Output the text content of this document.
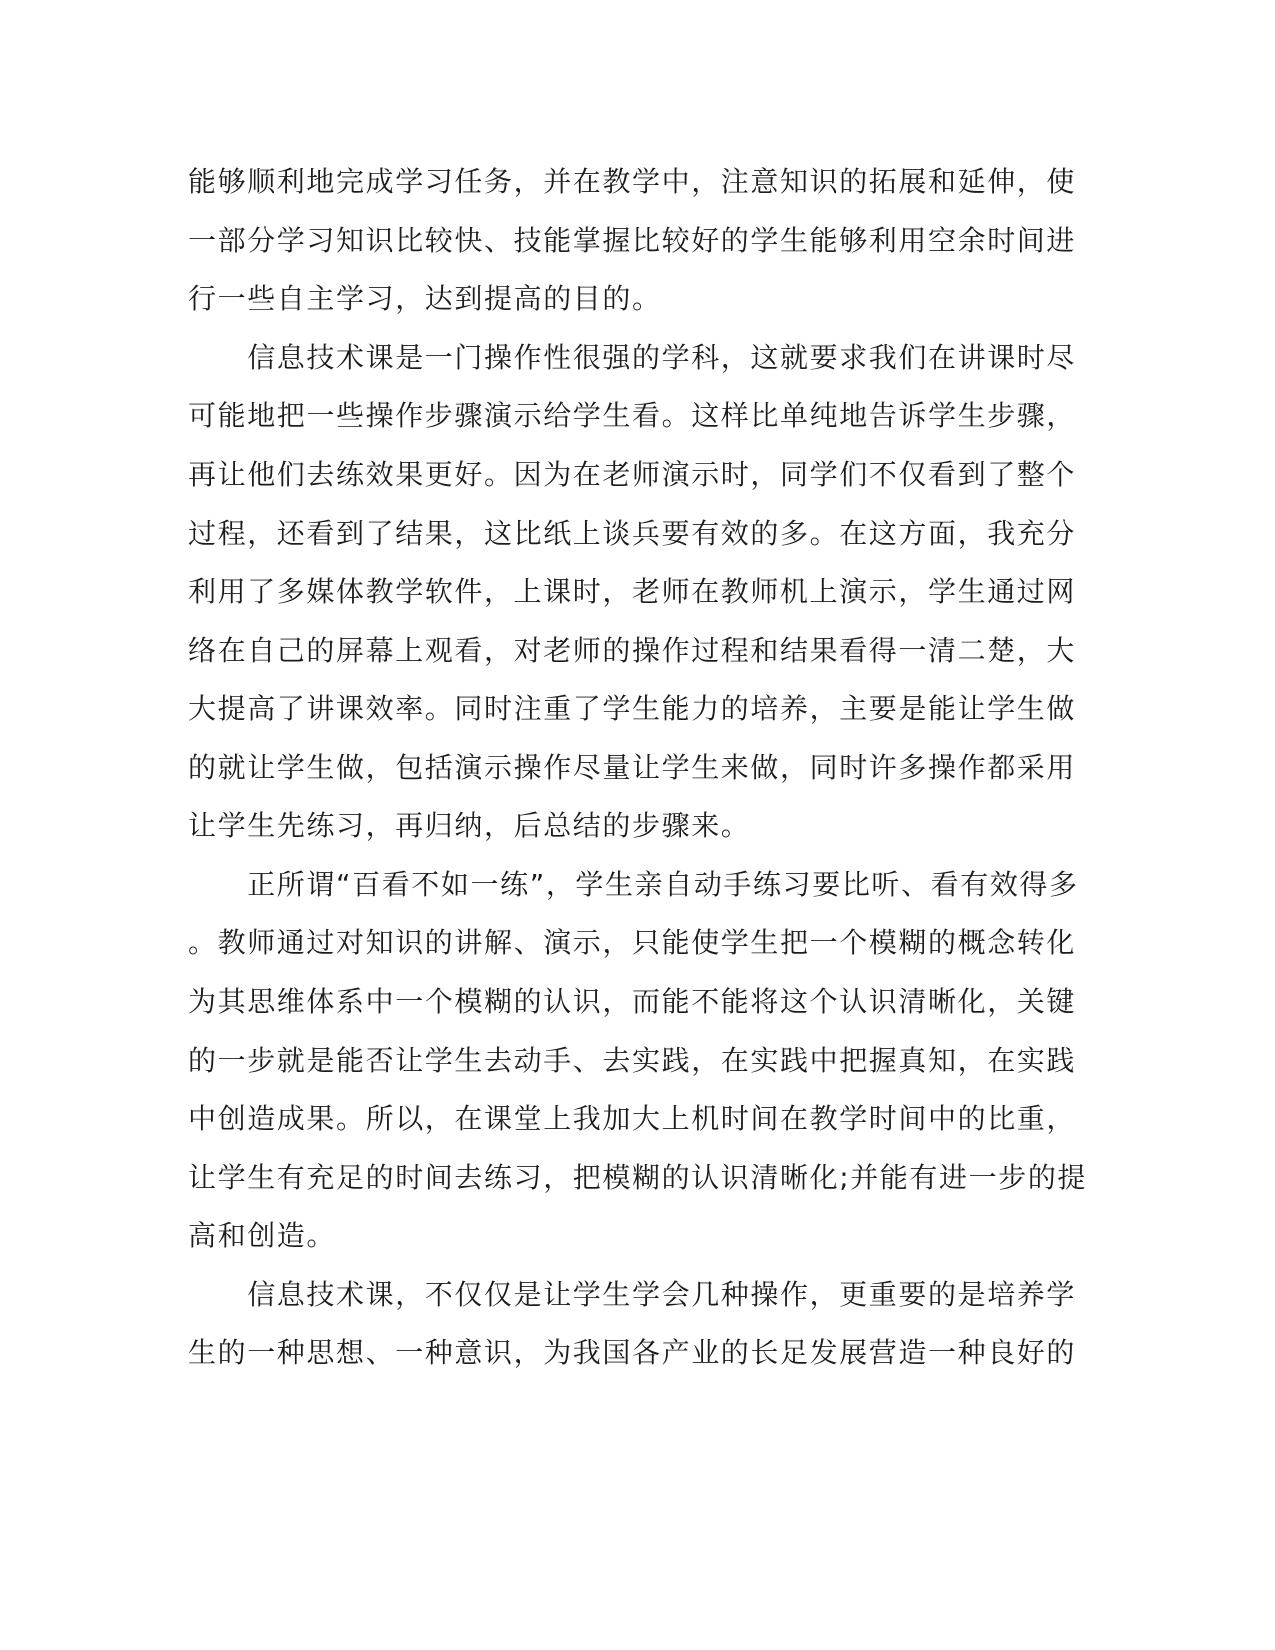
能够顺利地完成学习任务，并在教学中，注意知识的拓展和延伸，使
一部分学习知识比较快、技能掌握比较好的学生能够利用空余时间进
行一些自主学习，达到提高的目的。
　　信息技术课是一门操作性很强的学科，这就要求我们在讲课时尽
可能地把一些操作步骤演示给学生看。这样比单纯地告诉学生步骤，
再让他们去练效果更好。因为在老师演示时，同学们不仅看到了整个
过程，还看到了结果，这比纸上谈兵要有效的多。在这方面，我充分
利用了多媒体教学软件，上课时，老师在教师机上演示，学生通过网
络在自己的屏幕上观看，对老师的操作过程和结果看得一清二楚，大
大提高了讲课效率。同时注重了学生能力的培养，主要是能让学生做
的就让学生做，包括演示操作尽量让学生来做，同时许多操作都采用
让学生先练习，再归纳，后总结的步骤来。
　　正所谓“百看不如一练”，学生亲自动手练习要比听、看有效得多
。教师通过对知识的讲解、演示，只能使学生把一个模糊的概念转化
为其思维体系中一个模糊的认识，而能不能将这个认识清晰化，关键
的一步就是能否让学生去动手、去实践，在实践中把握真知，在实践
中创造成果。所以，在课堂上我加大上机时间在教学时间中的比重，
让学生有充足的时间去练习，把模糊的认识清晰化;并能有进一步的提
高和创造。
　　信息技术课，不仅仅是让学生学会几种操作，更重要的是培养学
生的一种思想、一种意识，为我国各产业的长足发展营造一种良好的
